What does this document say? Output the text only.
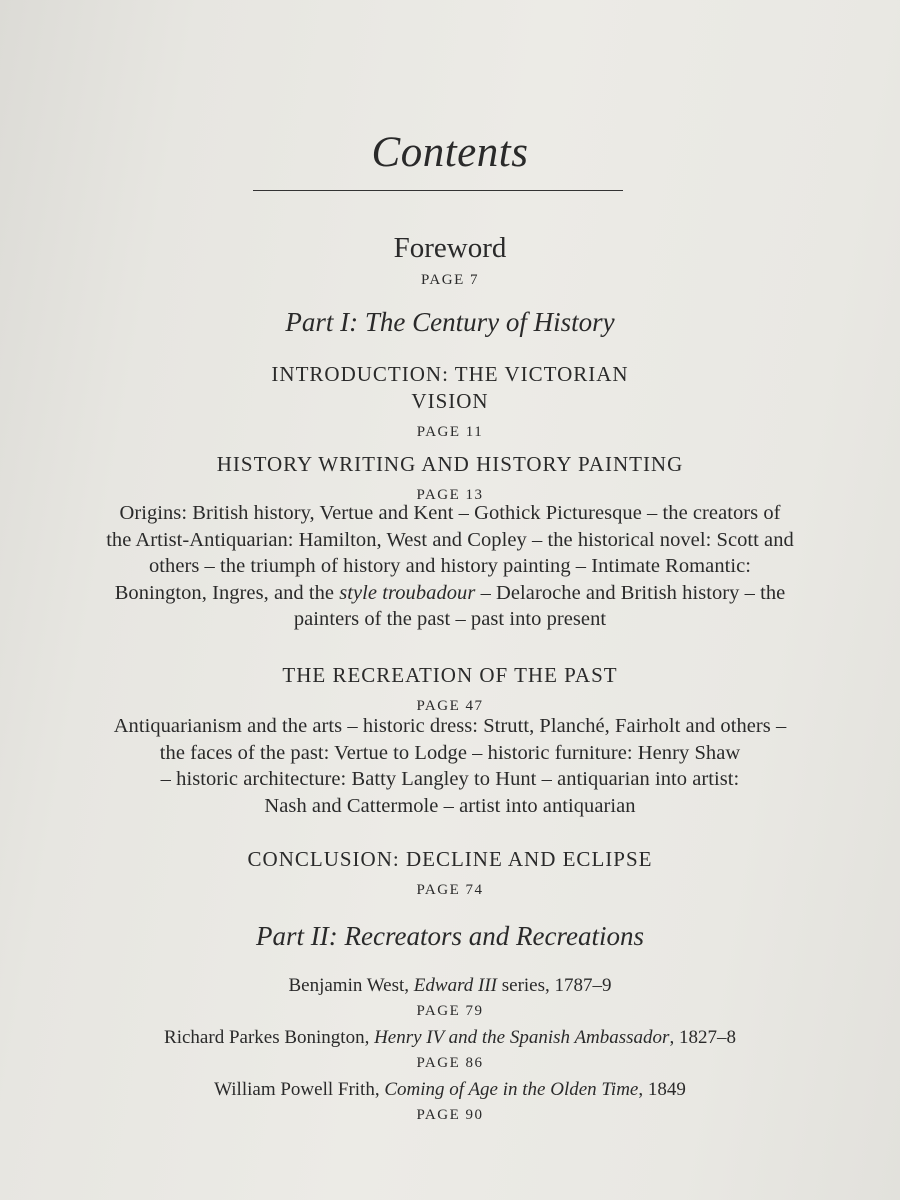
Contents
Foreword
PAGE 7
Part I: The Century of History
INTRODUCTION: THE VICTORIAN
VISION
PAGE 11
HISTORY WRITING AND HISTORY PAINTING
PAGE 13
Origins: British history, Vertue and Kent – Gothick Picturesque – the creators of
the Artist-Antiquarian: Hamilton, West and Copley – the historical novel: Scott and
others – the triumph of history and history painting – Intimate Romantic:
Bonington, Ingres, and the style troubadour – Delaroche and British history – the
painters of the past – past into present
THE RECREATION OF THE PAST
PAGE 47
Antiquarianism and the arts – historic dress: Strutt, Planché, Fairholt and others –
the faces of the past: Vertue to Lodge – historic furniture: Henry Shaw
– historic architecture: Batty Langley to Hunt – antiquarian into artist:
Nash and Cattermole – artist into antiquarian
CONCLUSION: DECLINE AND ECLIPSE
PAGE 74
Part II: Recreators and Recreations
Benjamin West, Edward III series, 1787–9
PAGE 79
Richard Parkes Bonington, Henry IV and the Spanish Ambassador, 1827–8
PAGE 86
William Powell Frith, Coming of Age in the Olden Time, 1849
PAGE 90
